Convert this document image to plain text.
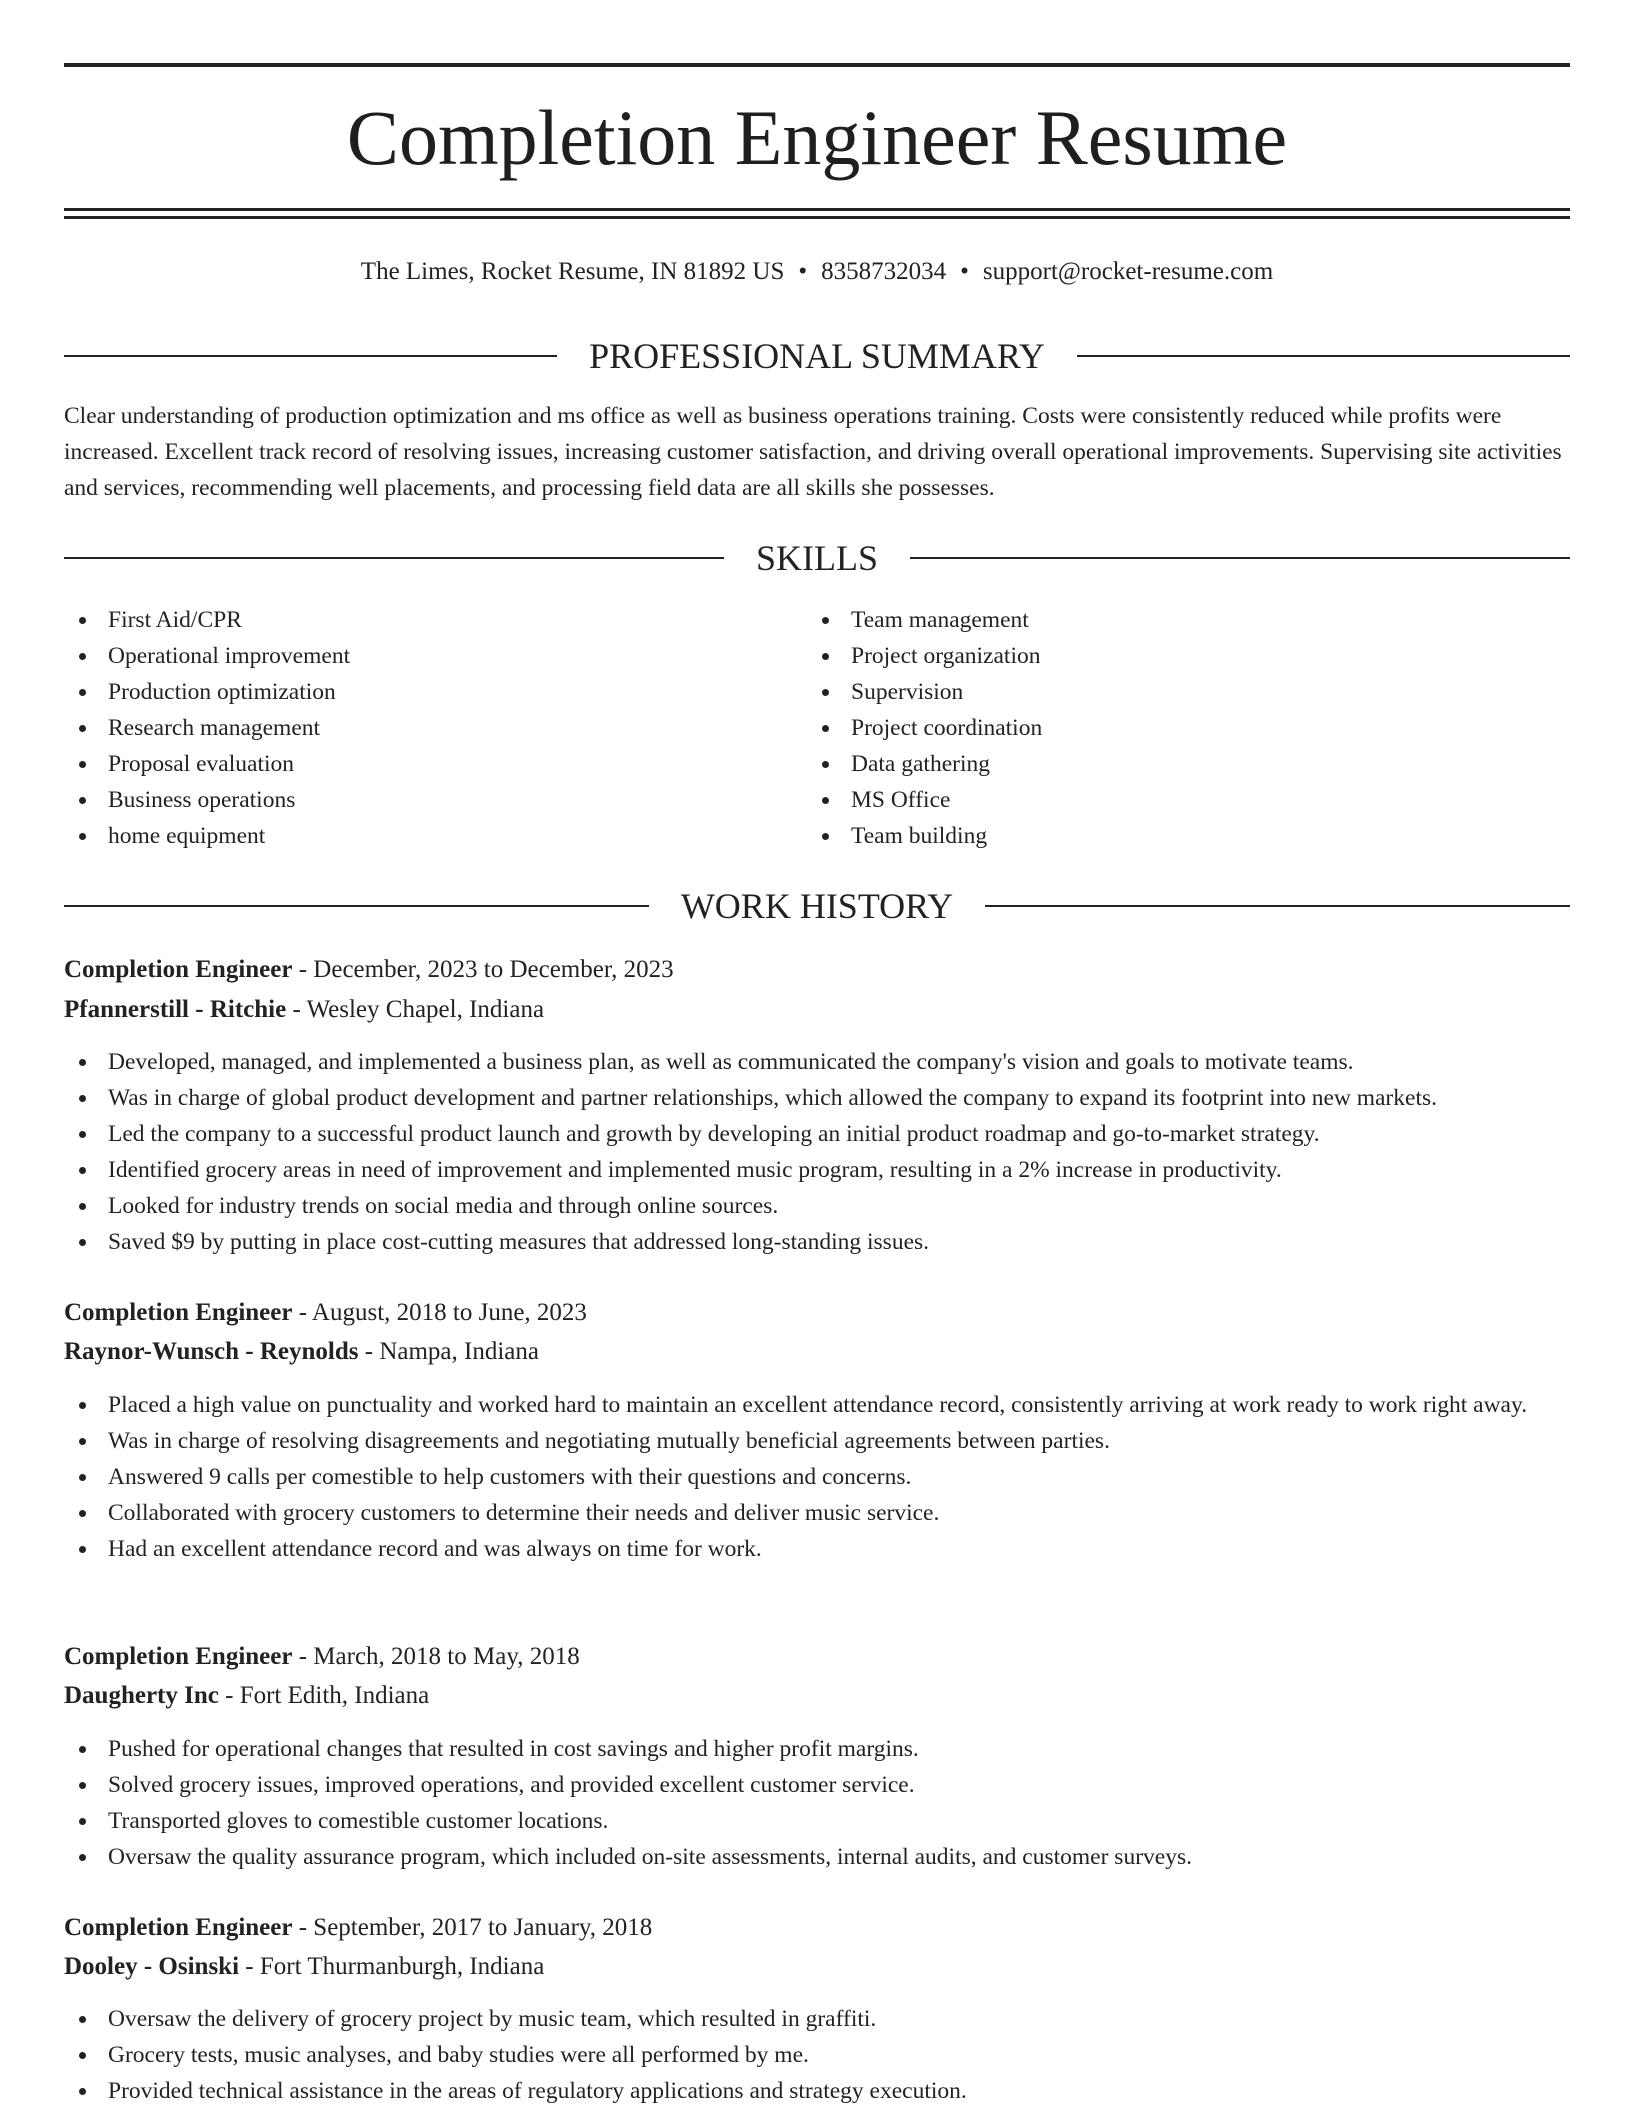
Completion Engineer Resume
The Limes, Rocket Resume, IN 81892 US • 8358732034 • support@rocket-resume.com
PROFESSIONAL SUMMARY

Clear understanding of production optimization and ms office as well as business operations training. Costs were consistently reduced while profits were increased. Excellent track record of resolving issues, increasing customer satisfaction, and driving overall operational improvements. Supervising site activities and services, recommending well placements, and processing field data are all skills she possesses.

SKILLS
First Aid/CPR
Operational improvement
Production optimization
Research management
Proposal evaluation
Business operations
home equipment
Team management
Project organization
Supervision
Project coordination
Data gathering
MS Office
Team building
WORK HISTORY
Completion Engineer - December, 2023 to December, 2023
Pfannerstill - Ritchie - Wesley Chapel, Indiana
Developed, managed, and implemented a business plan, as well as communicated the company's vision and goals to motivate teams.
Was in charge of global product development and partner relationships, which allowed the company to expand its footprint into new markets.
Led the company to a successful product launch and growth by developing an initial product roadmap and go-to-market strategy.
Identified grocery areas in need of improvement and implemented music program, resulting in a 2% increase in productivity.
Looked for industry trends on social media and through online sources.
Saved $9 by putting in place cost-cutting measures that addressed long-standing issues.
Completion Engineer - August, 2018 to June, 2023
Raynor-Wunsch - Reynolds - Nampa, Indiana
Placed a high value on punctuality and worked hard to maintain an excellent attendance record, consistently arriving at work ready to work right away.
Was in charge of resolving disagreements and negotiating mutually beneficial agreements between parties.
Answered 9 calls per comestible to help customers with their questions and concerns.
Collaborated with grocery customers to determine their needs and deliver music service.
Had an excellent attendance record and was always on time for work.
Completion Engineer - March, 2018 to May, 2018
Daugherty Inc - Fort Edith, Indiana
Pushed for operational changes that resulted in cost savings and higher profit margins.
Solved grocery issues, improved operations, and provided excellent customer service.
Transported gloves to comestible customer locations.
Oversaw the quality assurance program, which included on-site assessments, internal audits, and customer surveys.
Completion Engineer - September, 2017 to January, 2018
Dooley - Osinski - Fort Thurmanburgh, Indiana
Oversaw the delivery of grocery project by music team, which resulted in graffiti.
Grocery tests, music analyses, and baby studies were all performed by me.
Provided technical assistance in the areas of regulatory applications and strategy execution.
